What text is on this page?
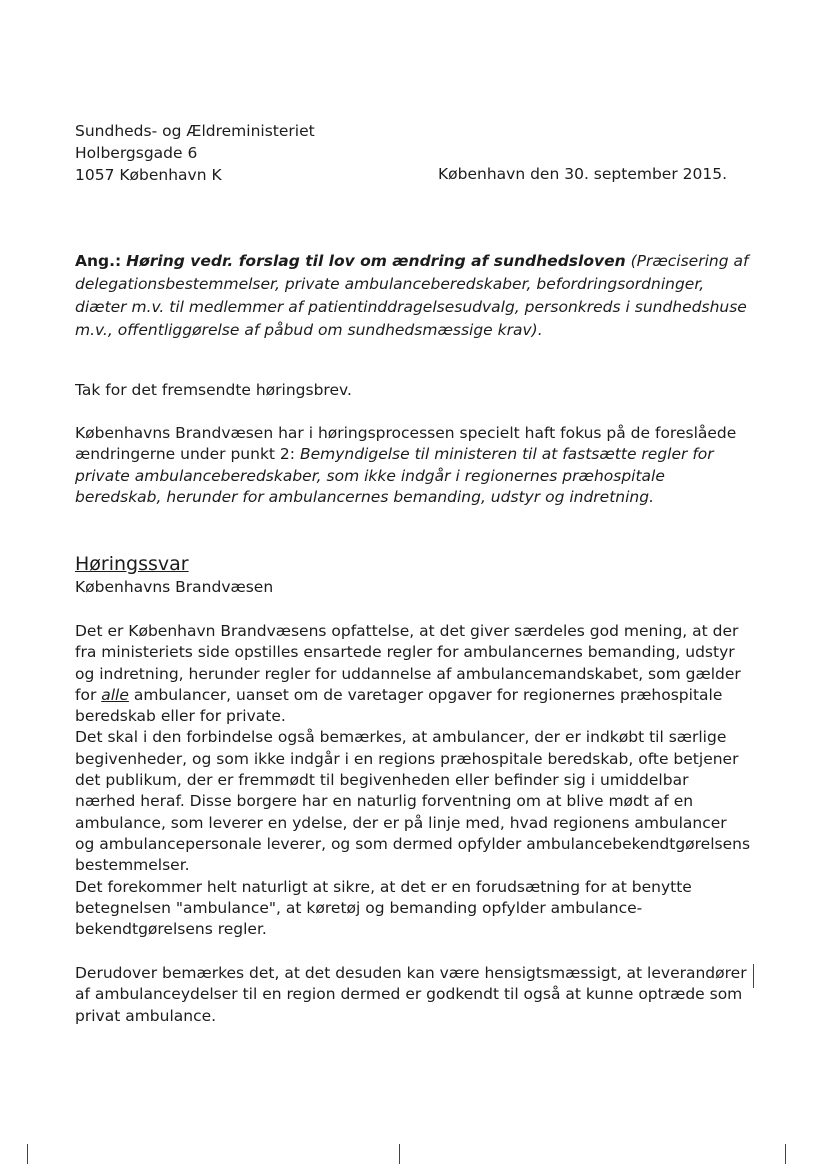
Sundheds- og Ældreministeriet
Holbergsgade 6
1057 København K	København den 30. september 2015.
Ang.: Høring vedr. forslag til lov om ændring af sundhedsloven (Præcisering af
delegationsbestemmelser, private ambulanceberedskaber, befordringsordninger,
diæter m.v. til medlemmer af patientinddragelsesudvalg, personkreds i sundhedshuse
m.v., offentliggørelse af påbud om sundhedsmæssige krav).
Tak for det fremsendte høringsbrev.
Københavns Brandvæsen har i høringsprocessen specielt haft fokus på de foreslåede
ændringerne under punkt 2: Bemyndigelse til ministeren til at fastsætte regler for
private ambulanceberedskaber, som ikke indgår i regionernes præhospitale
beredskab, herunder for ambulancernes bemanding, udstyr og indretning.
Høringssvar
Københavns Brandvæsen
Det er København Brandvæsens opfattelse, at det giver særdeles god mening, at der
fra ministeriets side opstilles ensartede regler for ambulancernes bemanding, udstyr
og indretning, herunder regler for uddannelse af ambulancemandskabet, som gælder
for alle ambulancer, uanset om de varetager opgaver for regionernes præhospitale
beredskab eller for private.
Det skal i den forbindelse også bemærkes, at ambulancer, der er indkøbt til særlige
begivenheder, og som ikke indgår i en regions præhospitale beredskab, ofte betjener
det publikum, der er fremmødt til begivenheden eller befinder sig i umiddelbar
nærhed heraf. Disse borgere har en naturlig forventning om at blive mødt af en
ambulance, som leverer en ydelse, der er på linje med, hvad regionens ambulancer
og ambulancepersonale leverer, og som dermed opfylder ambulancebekendtgørelsens
bestemmelser.
Det forekommer helt naturligt at sikre, at det er en forudsætning for at benytte
betegnelsen "ambulance", at køretøj og bemanding opfylder ambulance-
bekendtgørelsens regler.
Derudover bemærkes det, at det desuden kan være hensigtsmæssigt, at leverandører
af ambulanceydelser til en region dermed er godkendt til også at kunne optræde som
privat ambulance.
